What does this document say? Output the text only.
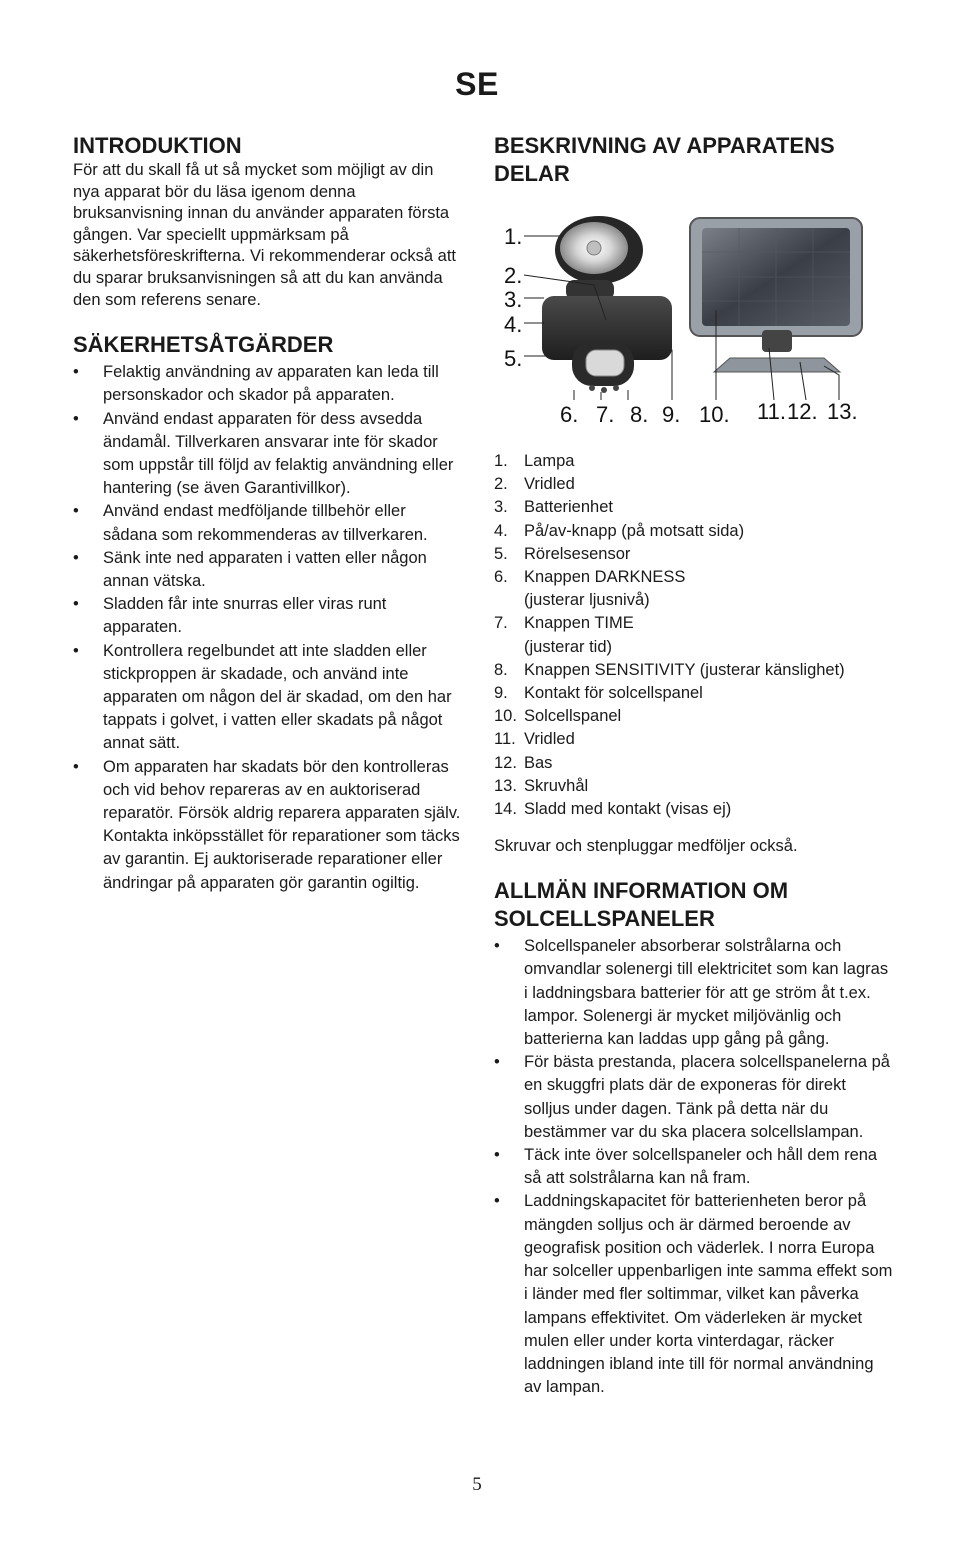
SE
INTRODUKTION

För att du skall få ut så mycket som möjligt av din nya apparat bör du läsa igenom denna bruksanvisning innan du använder apparaten första gången. Var speciellt uppmärksam på säkerhetsföreskrifterna. Vi rekommenderar också att du sparar bruksanvisningen så att du kan använda den som referens senare.

SÄKERHETSÅTGÄRDER
• Felaktig användning av apparaten kan leda till personskador och skador på apparaten.
• Använd endast apparaten för dess avsedda ändamål. Tillverkaren ansvarar inte för skador som uppstår till följd av felaktig användning eller hantering (se även Garantivillkor).
• Använd endast medföljande tillbehör eller sådana som rekommenderas av tillverkaren.
• Sänk inte ned apparaten i vatten eller någon annan vätska.
• Sladden får inte snurras eller viras runt apparaten.
• Kontrollera regelbundet att inte sladden eller stickproppen är skadade, och använd inte apparaten om någon del är skadad, om den har tappats i golvet, i vatten eller skadats på något annat sätt.
• Om apparaten har skadats bör den kontrolleras och vid behov repareras av en auktoriserad reparatör. Försök aldrig reparera apparaten själv. Kontakta inköpsstället för reparationer som täcks av garantin. Ej auktoriserade reparationer eller ändringar på apparaten gör garantin ogiltig.
BESKRIVNING AV APPARATENS
DELAR
1.
2.
3.
4.
5.
6. 7. 8. 9. 10. 11. 12. 13.
1. Lampa
2. Vridled
3. Batterienhet
4. På/av-knapp (på motsatt sida)
5. Rörelsesensor
6. Knappen DARKNESS
(justerar ljusnivå)
7. Knappen TIME
(justerar tid)
8. Knappen SENSITIVITY (justerar känslighet)
9. Kontakt för solcellspanel
10. Solcellspanel
11. Vridled
12. Bas
13. Skruvhål
14. Sladd med kontakt (visas ej)

Skruvar och stenpluggar medföljer också.

ALLMÄN INFORMATION OM
SOLCELLSPANELER
• Solcellspaneler absorberar solstrålarna och omvandlar solenergi till elektricitet som kan lagras i laddningsbara batterier för att ge ström åt t.ex. lampor. Solenergi är mycket miljövänlig och batterierna kan laddas upp gång på gång.
• För bästa prestanda, placera solcellspanelerna på en skuggfri plats där de exponeras för direkt solljus under dagen. Tänk på detta när du bestämmer var du ska placera solcellslampan.
• Täck inte över solcellspaneler och håll dem rena så att solstrålarna kan nå fram.
• Laddningskapacitet för batterienheten beror på mängden solljus och är därmed beroende av geografisk position och väderlek. I norra Europa har solceller uppenbarligen inte samma effekt som i länder med fler soltimmar, vilket kan påverka lampans effektivitet. Om väderleken är mycket mulen eller under korta vinterdagar, räcker laddningen ibland inte till för normal användning av lampan.
5
